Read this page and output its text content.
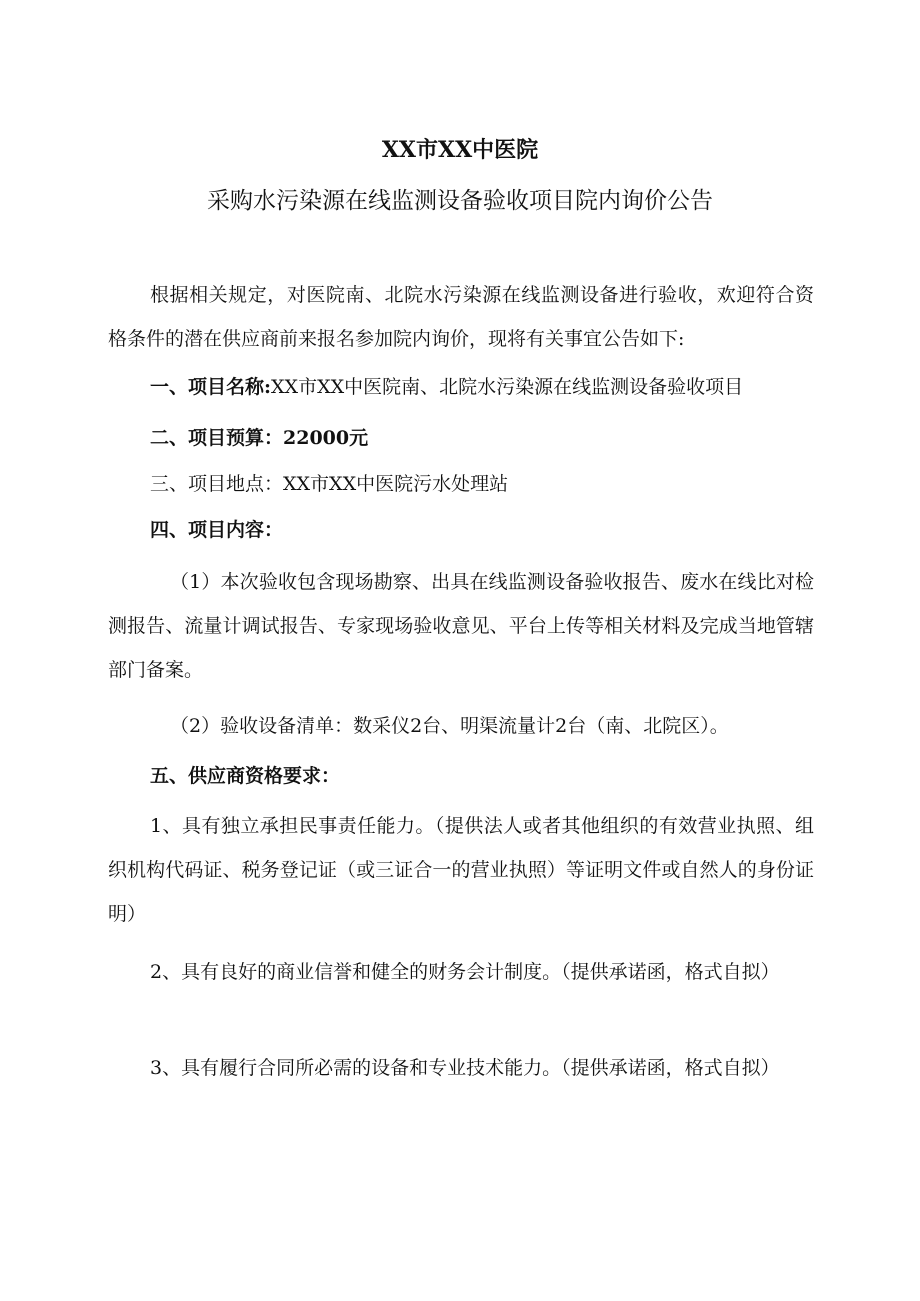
XX市XX中医院
采购水污染源在线监测设备验收项目院内询价公告
根据相关规定，对医院南、北院水污染源在线监测设备进行验收，欢迎符合资格条件的潜在供应商前来报名参加院内询价，现将有关事宜公告如下:
一、项目名称:XX市XX中医院南、北院水污染源在线监测设备验收项目
二、项目预算：22000元
三、项目地点：XX市XX中医院污水处理站
四、项目内容：
（1）本次验收包含现场勘察、出具在线监测设备验收报告、废水在线比对检测报告、流量计调试报告、专家现场验收意见、平台上传等相关材料及完成当地管辖部门备案。
（2）验收设备清单：数采仪2台、明渠流量计2台（南、北院区）。
五、供应商资格要求：
1、具有独立承担民事责任能力。（提供法人或者其他组织的有效营业执照、组织机构代码证、税务登记证（或三证合一的营业执照）等证明文件或自然人的身份证明）
2、具有良好的商业信誉和健全的财务会计制度。（提供承诺函，格式自拟）
3、具有履行合同所必需的设备和专业技术能力。（提供承诺函，格式自拟）
